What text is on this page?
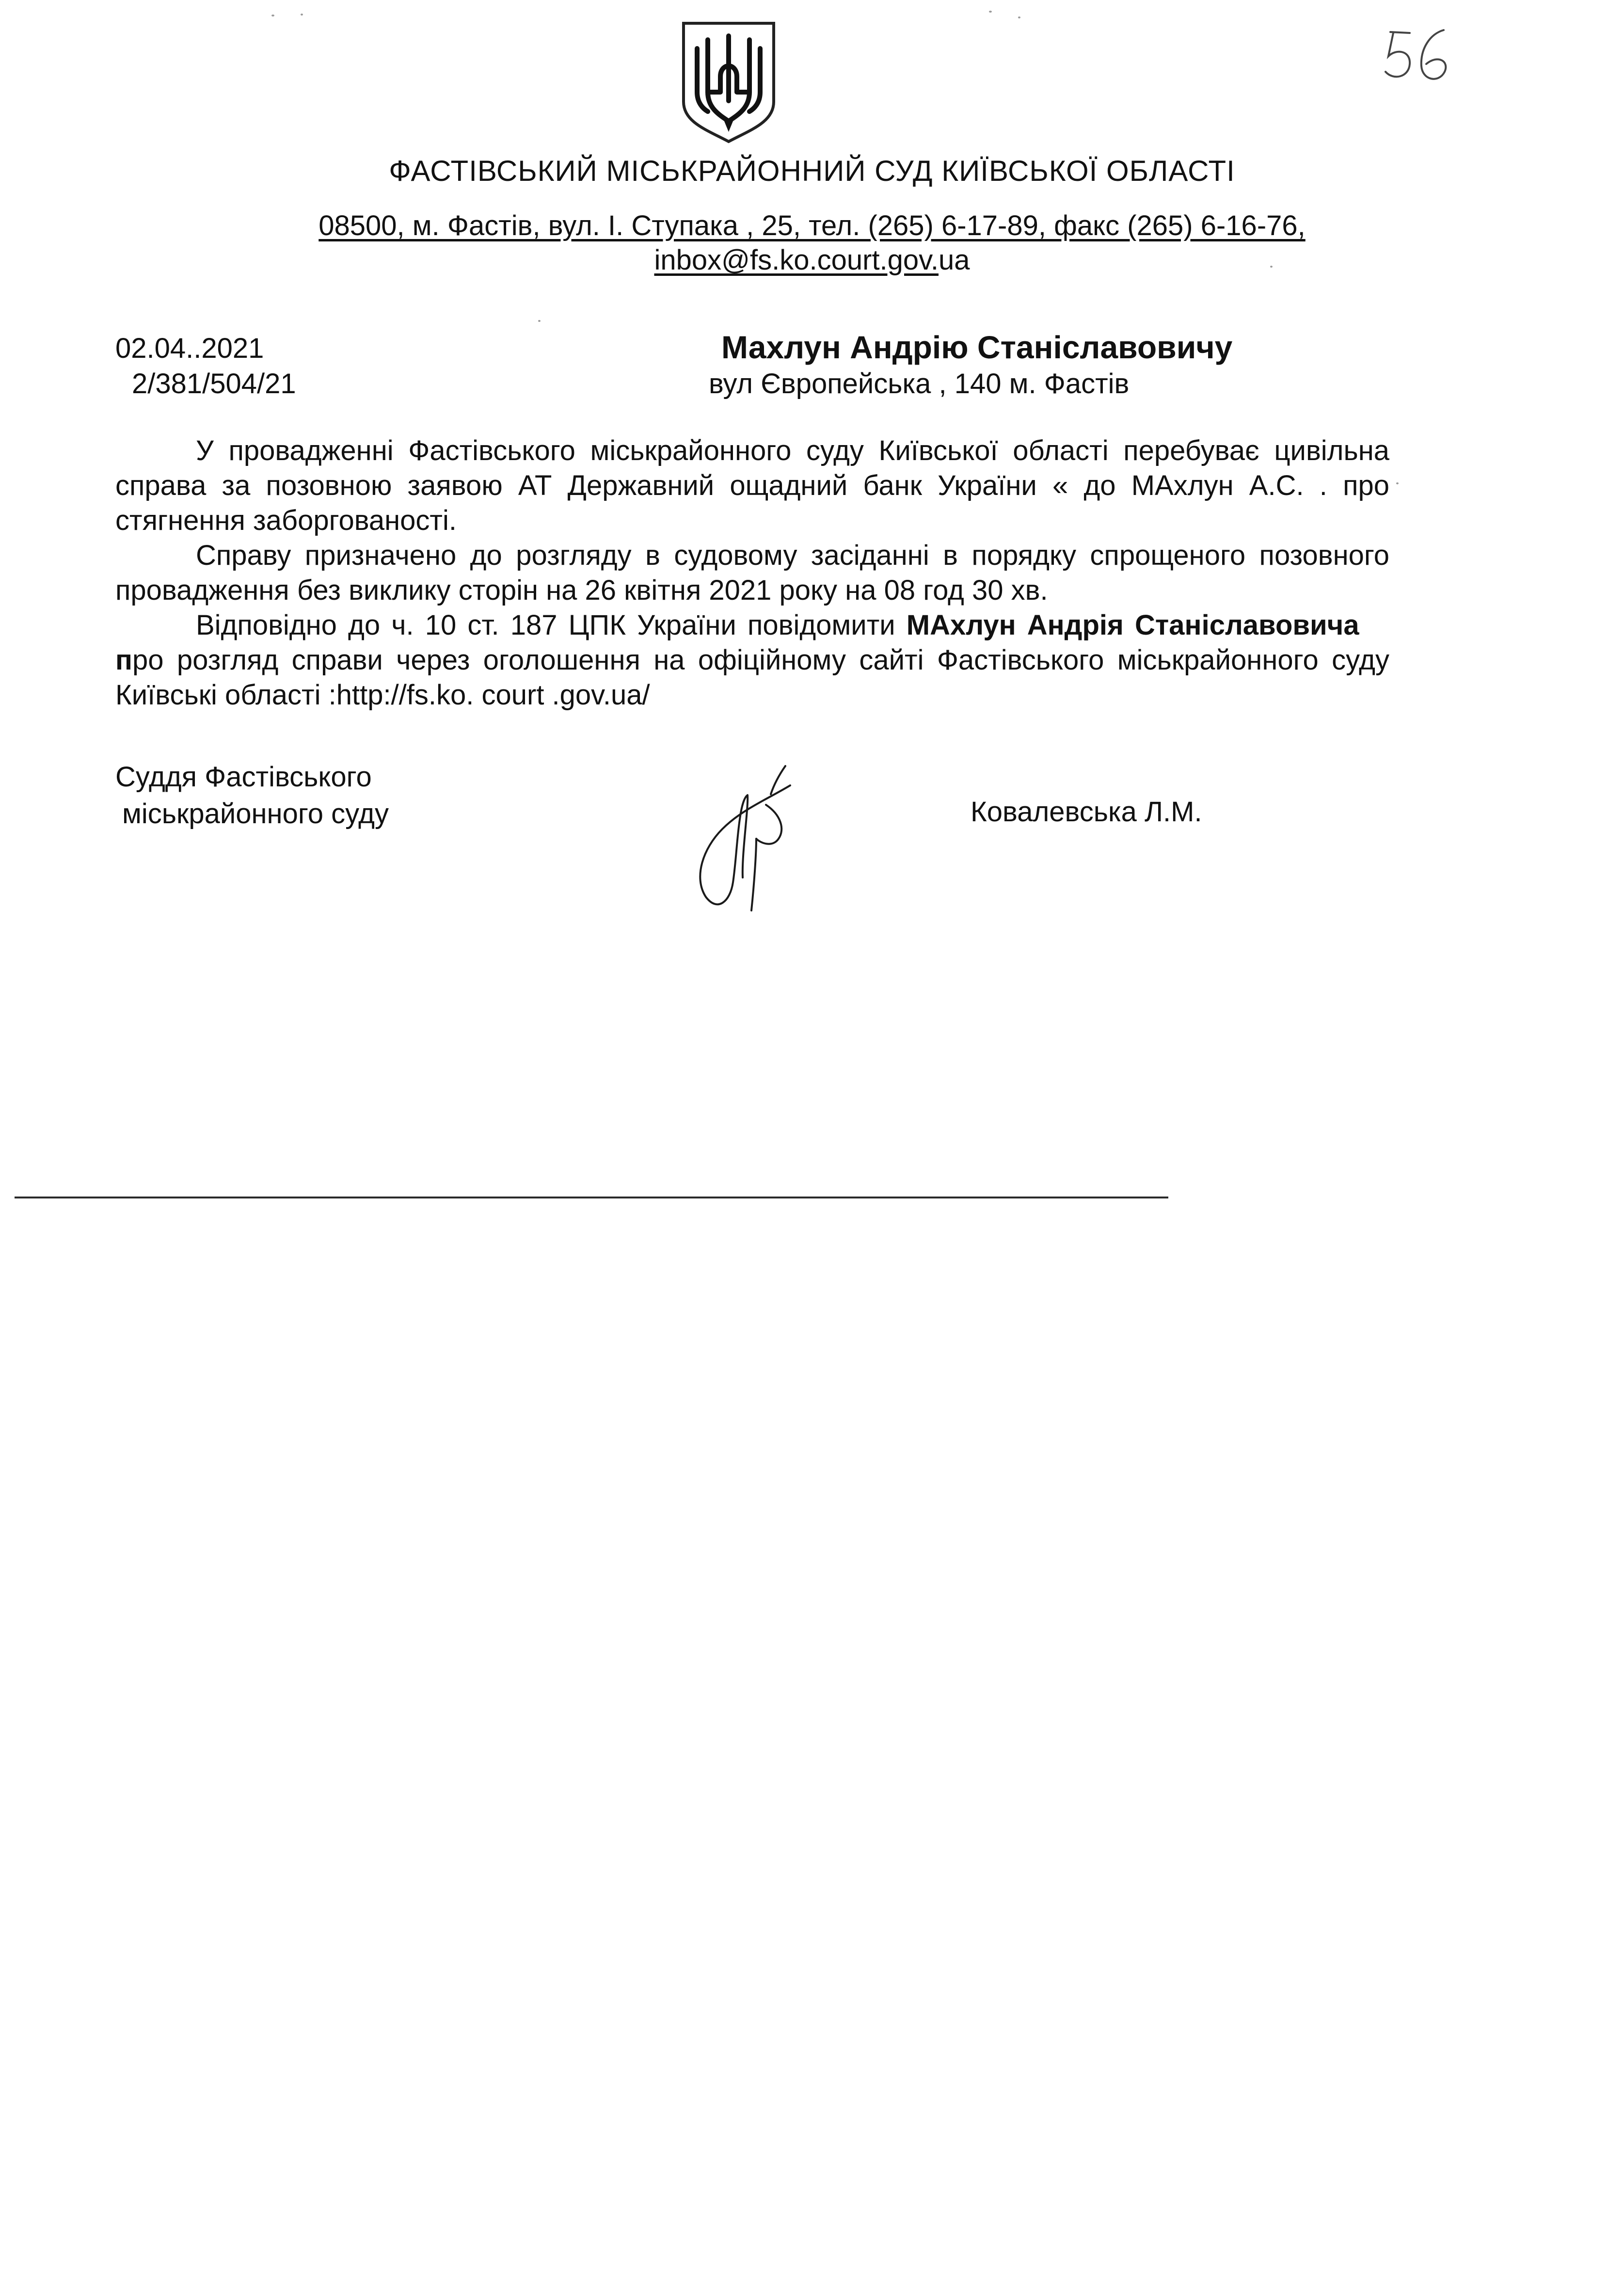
ФАСТІВСЬКИЙ МІСЬКРАЙОННИЙ СУД КИЇВСЬКОЇ ОБЛАСТІ
08500, м. Фастів, вул. І. Ступака , 25, тел. (265) 6-17-89, факс (265) 6-16-76,
inbox@fs.ko.court.gov.ua
02.04..2021
2/381/504/21
Махлун Андрію Станіславовичу
вул Європейська , 140 м. Фастів

У провадженні Фастівського міськрайонного суду Київської області перебуває цивільна справа за позовною заявою АТ Державний ощадний банк України « до МАхлун А.С. . про стягнення заборгованості.

Справу призначено до розгляду в судовому засіданні в порядку спрощеного позовного провадження без виклику сторін на 26 квітня 2021 року на 08 год 30 хв.

Відповідно до ч. 10 ст. 187 ЦПК України повідомити МАхлун Андрія Станіславовича    про розгляд справи через оголошення на офіційному сайті Фастівського міськрайонного суду Київські області :http://fs.ko. court .gov.ua/

Суддя Фастівського
міськрайонного суду	Ковалевська Л.М.
